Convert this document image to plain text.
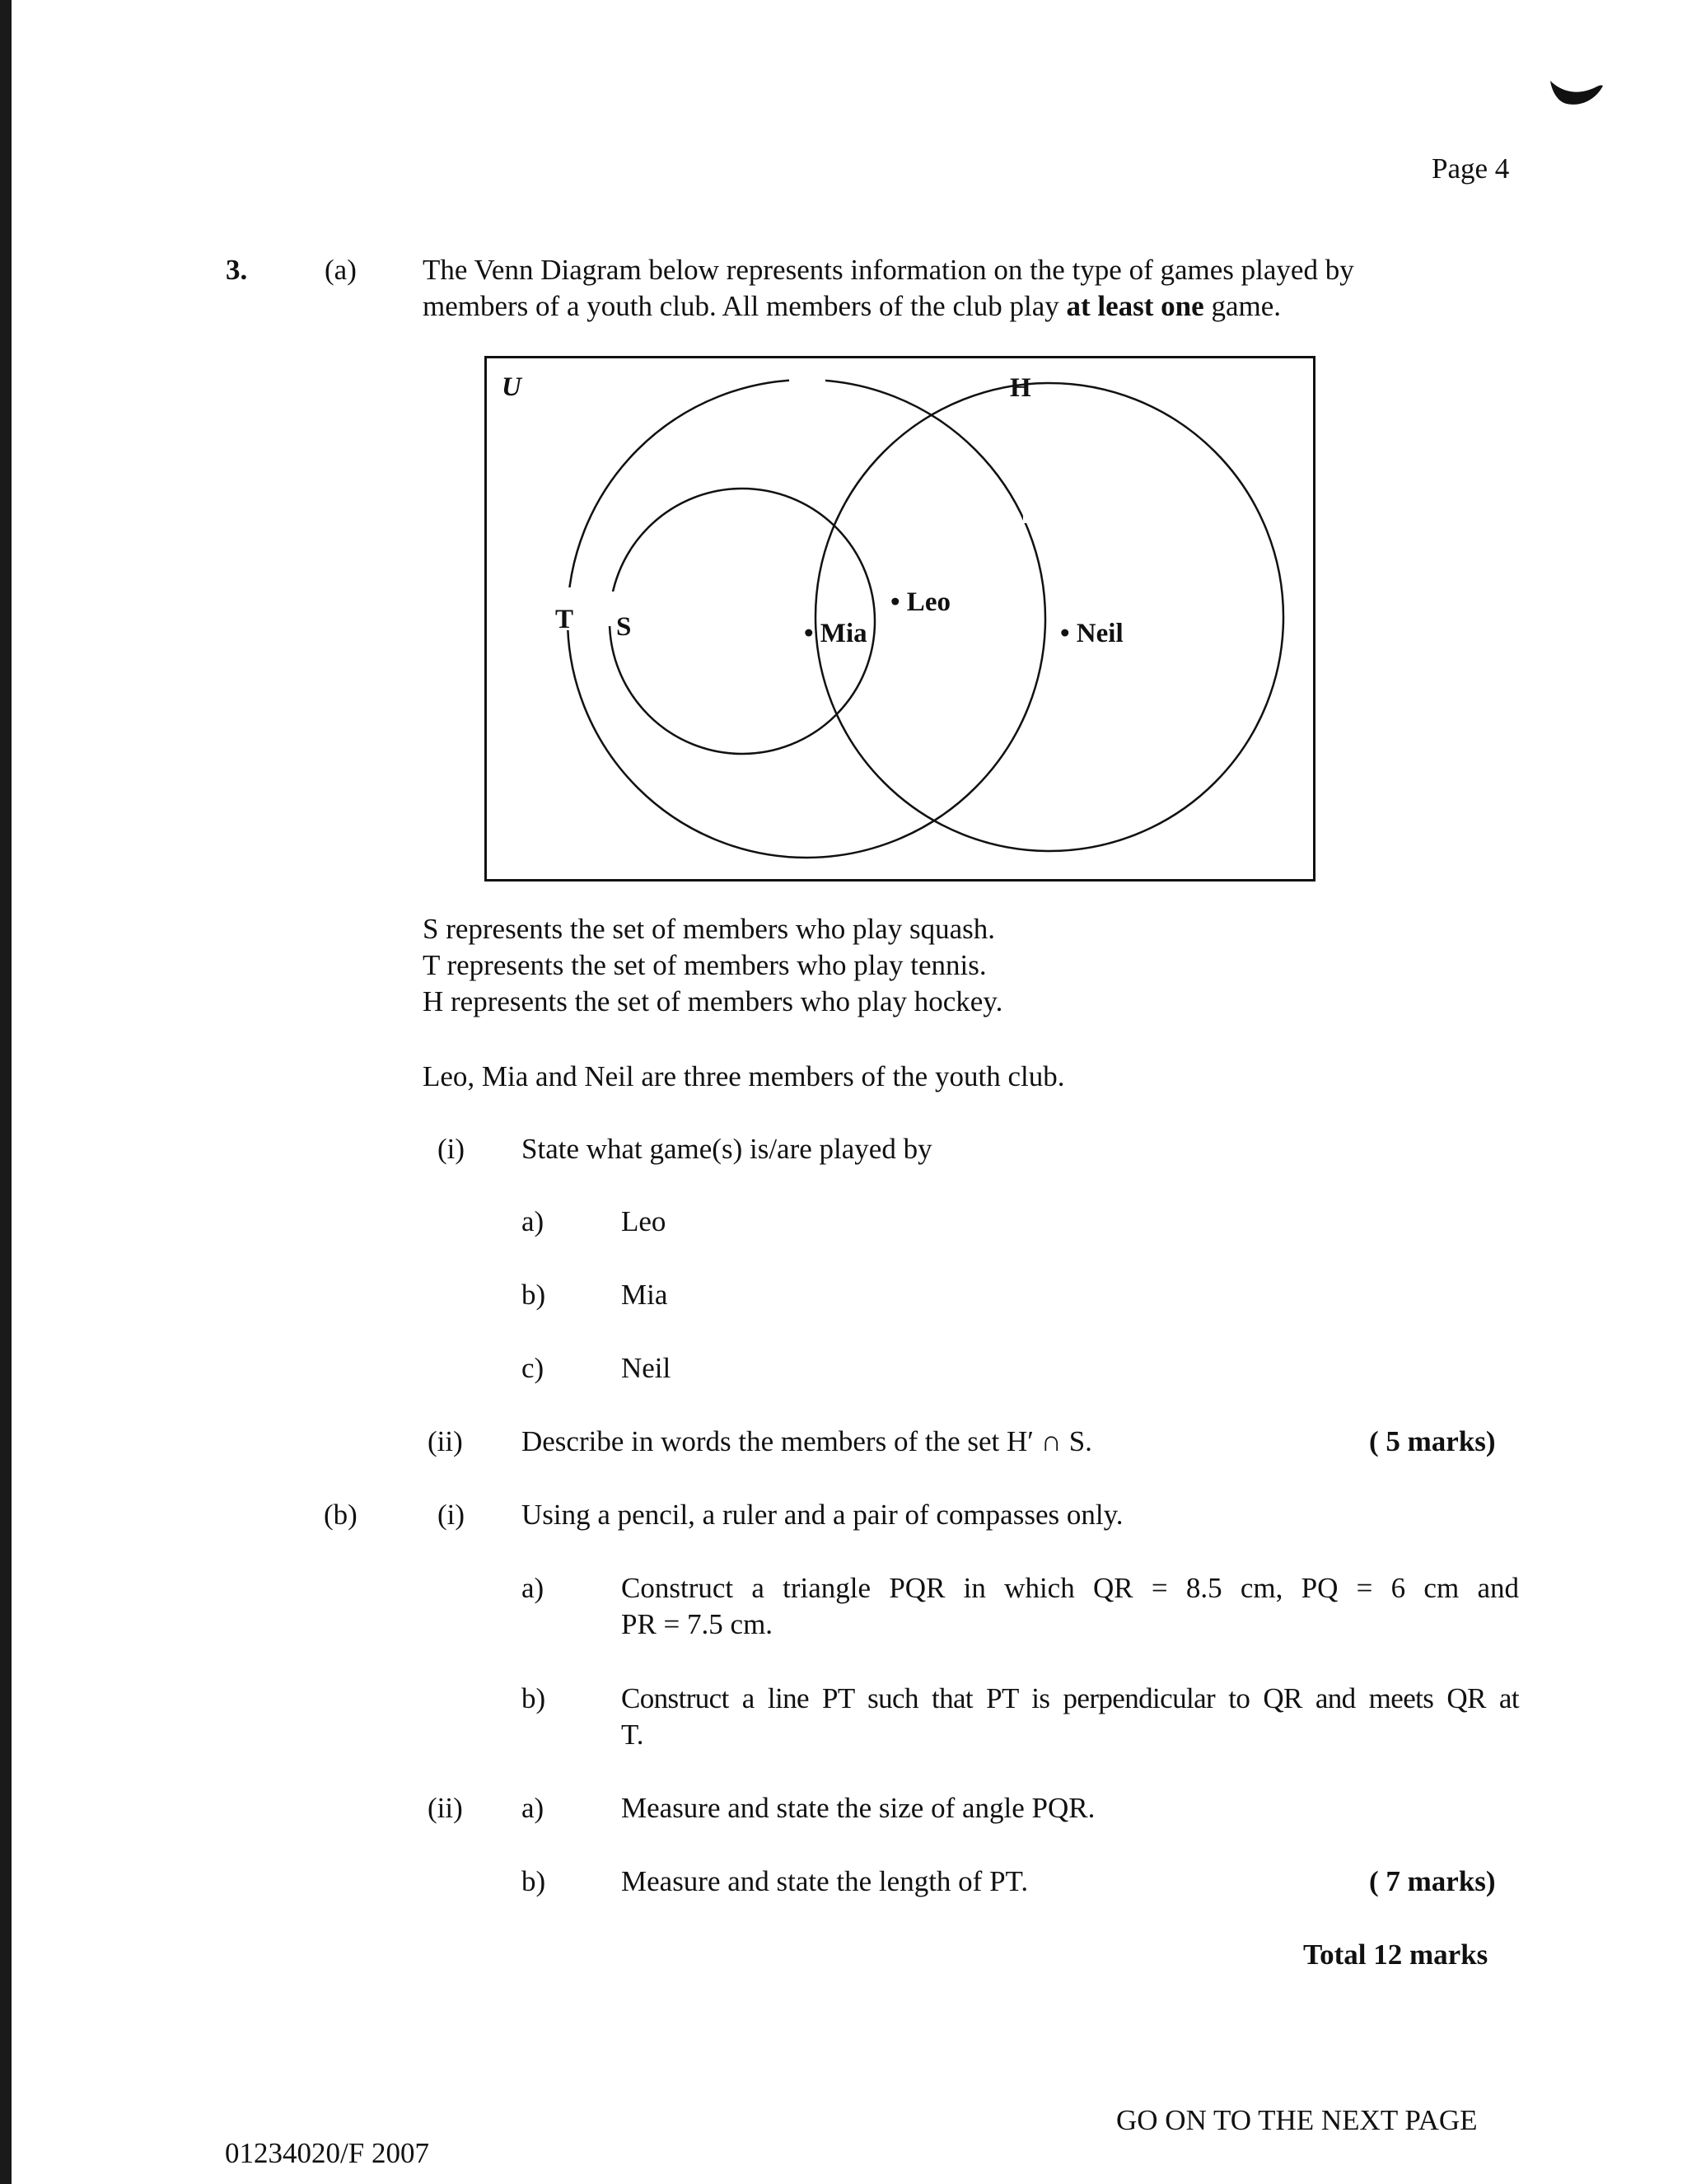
Page 4
3.	(a) The Venn Diagram below represents information on the type of games played by
members of a youth club. All members of the club play at least one game.
U	H
T S
• Leo
• Mia	• Neil
S represents the set of members who play squash.
T represents the set of members who play tennis.
H represents the set of members who play hockey.
Leo, Mia and Neil are three members of the youth club.
(i) State what game(s) is/are played by
a)	Leo
b)	Mia
c)	Neil
(ii) Describe in words the members of the set H′ ∩ S.	( 5 marks)
(b)	(i) Using a pencil, a ruler and a pair of compasses only.
a)	Construct a triangle PQR in which QR = 8.5 cm, PQ = 6 cm and
PR = 7.5 cm.
b)	Construct a line PT such that PT is perpendicular to QR and meets QR at
T.
(ii) a)	Measure and state the size of angle PQR.
b)	Measure and state the length of PT.	( 7 marks)
Total 12 marks
GO ON TO THE NEXT PAGE
01234020/F 2007
